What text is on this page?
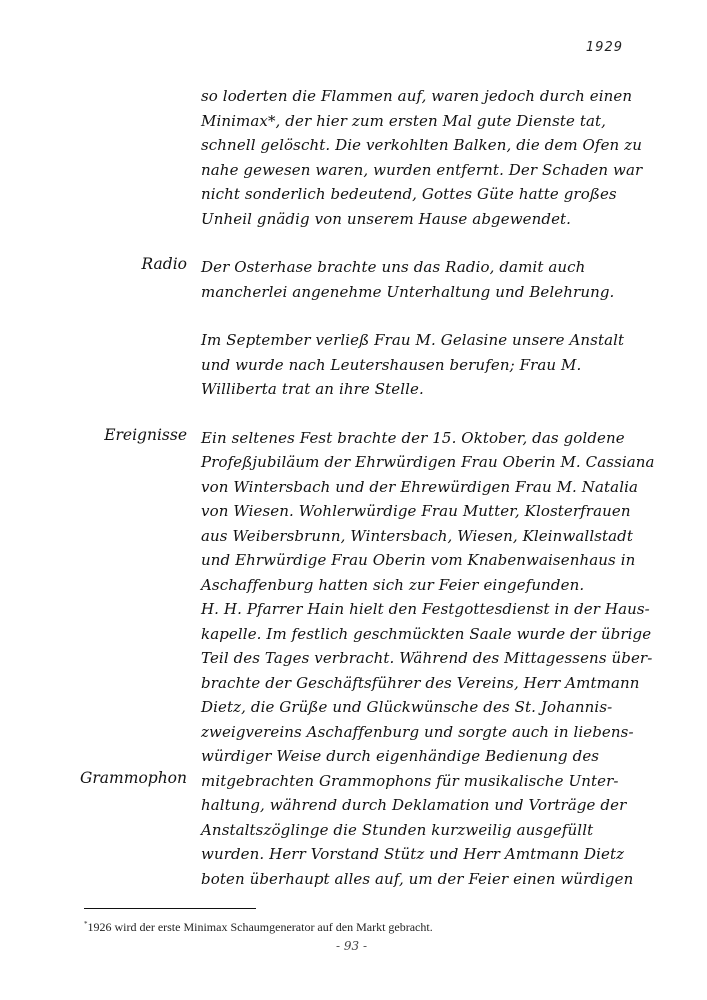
1929
so loderten die Flammen auf, waren jedoch durch einen
Minimax*, der hier zum ersten Mal gute Dienste tat,
schnell gelöscht. Die verkohlten Balken, die dem Ofen zu
nahe gewesen waren, wurden entfernt. Der Schaden war
nicht sonderlich bedeutend, Gottes Güte hatte großes
Unheil gnädig von unserem Hause abgewendet.
Radio Der Osterhase brachte uns das Radio, damit auch
mancherlei angenehme Unterhaltung und Belehrung.
Im September verließ Frau M. Gelasine unsere Anstalt
und wurde nach Leutershausen berufen; Frau M.
Williberta trat an ihre Stelle.
Ereignisse Ein seltenes Fest brachte der 15. Oktober, das goldene
Profeßjubiläum der Ehrwürdigen Frau Oberin M. Cassiana
von Wintersbach und der Ehrewürdigen Frau M. Natalia
von Wiesen. Wohlerwürdige Frau Mutter, Klosterfrauen
aus Weibersbrunn, Wintersbach, Wiesen, Kleinwallstadt
und Ehrwürdige Frau Oberin vom Knabenwaisenhaus in
Aschaffenburg hatten sich zur Feier eingefunden.
H. H. Pfarrer Hain hielt den Festgottesdienst in der Haus-
kapelle. Im festlich geschmückten Saale wurde der übrige
Teil des Tages verbracht. Während des Mittagessens über-
brachte der Geschäftsführer des Vereins, Herr Amtmann
Dietz, die Grüße und Glückwünsche des St. Johannis-
zweigvereins Aschaffenburg und sorgte auch in liebens-
würdiger Weise durch eigenhändige Bedienung des
Grammophon mitgebrachten Grammophons für musikalische Unter-
haltung, während durch Deklamation und Vorträge der
Anstaltszöglinge die Stunden kurzweilig ausgefüllt
wurden. Herr Vorstand Stütz und Herr Amtmann Dietz
boten überhaupt alles auf, um der Feier einen würdigen
*1926 wird der erste Minimax Schaumgenerator auf den Markt gebracht.
- 93 -
